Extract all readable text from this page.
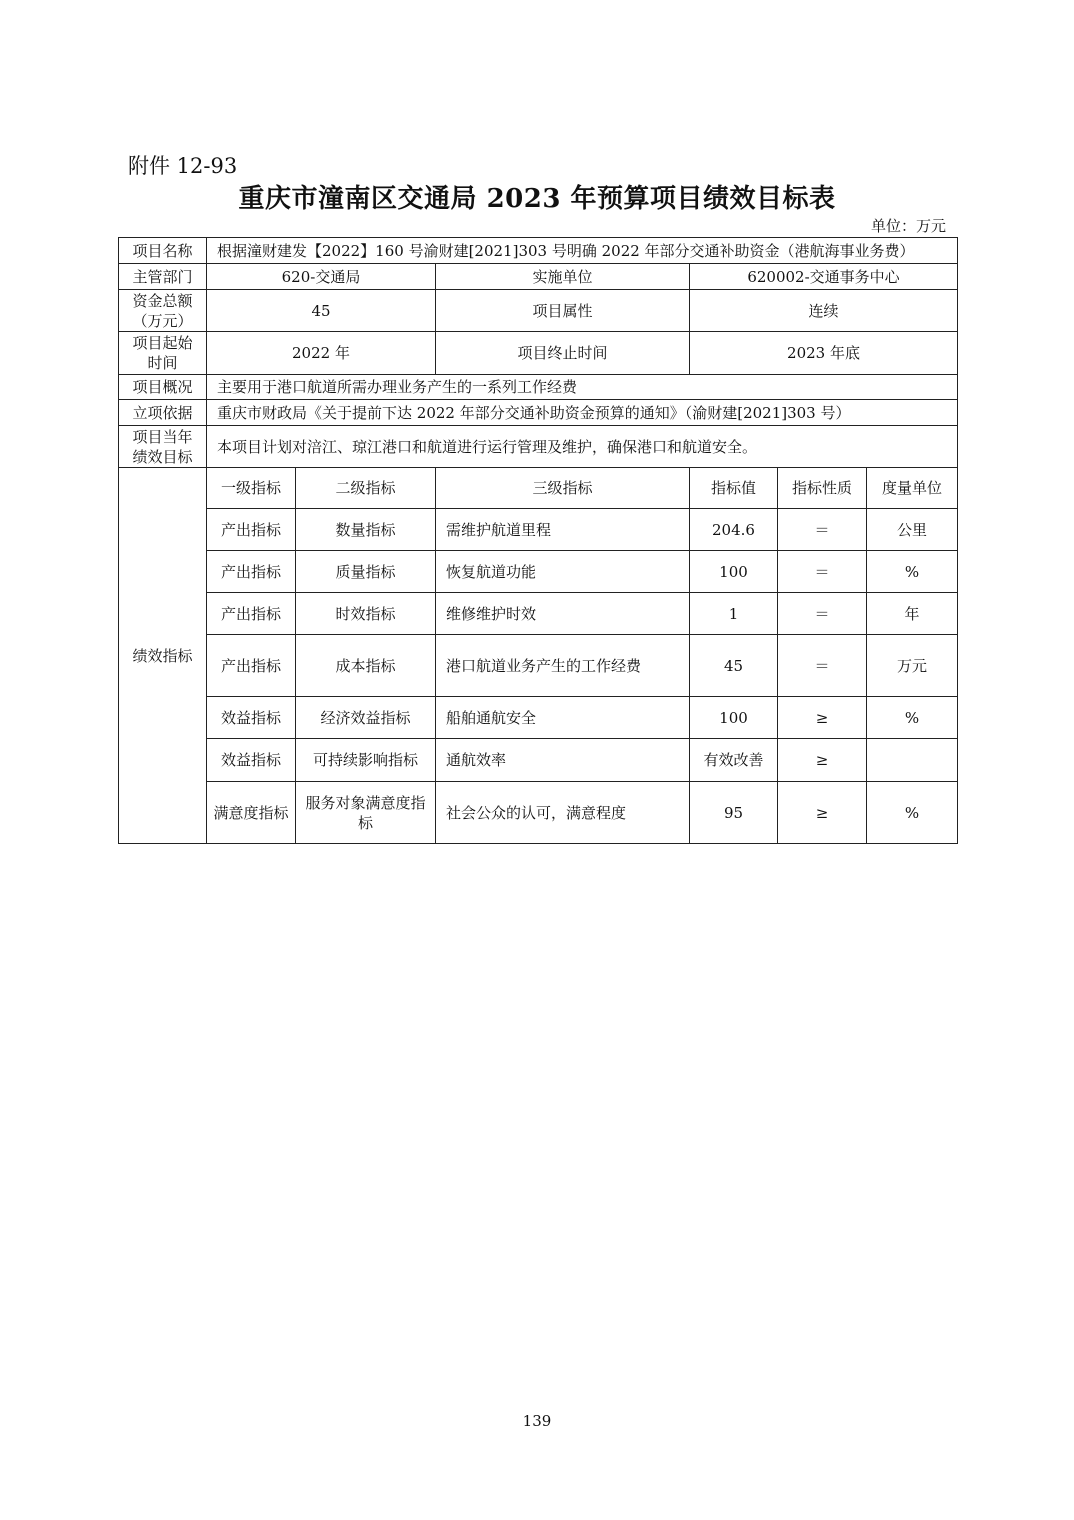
附件 12-93
重庆市潼南区交通局 2023 年预算项目绩效目标表
单位：万元
项目名称	根据潼财建发【2022】160 号渝财建[2021]303 号明确 2022 年部分交通补助资金（港航海事业务费）						
主管部门	620-交通局		实施单位	620002-交通事务中心			
资金总额
（万元）	45		项目属性	连续			
项目起始
时间	2022 年		项目终止时间	2023 年底			
项目概况	主要用于港口航道所需办理业务产生的一系列工作经费						
立项依据	重庆市财政局《关于提前下达 2022 年部分交通补助资金预算的通知》（渝财建[2021]303 号）						
项目当年
绩效目标	本项目计划对涪江、琼江港口和航道进行运行管理及维护，确保港口和航道安全。						
绩效指标	一级指标	二级指标	三级指标	指标值	指标性质	度量单位	
	产出指标	数量指标	需维护航道里程	204.6	＝	公里	
	产出指标	质量指标	恢复航道功能	100	＝	%	
	产出指标	时效指标	维修维护时效	1	＝	年	
	产出指标	成本指标	港口航道业务产生的工作经费	45	＝	万元	
	效益指标	经济效益指标	船舶通航安全	100	≥	%	
	效益指标	可持续影响指标	通航效率	有效改善	≥		
	满意度指标	服务对象满意度指标	社会公众的认可，满意程度	95	≥	%	
139
